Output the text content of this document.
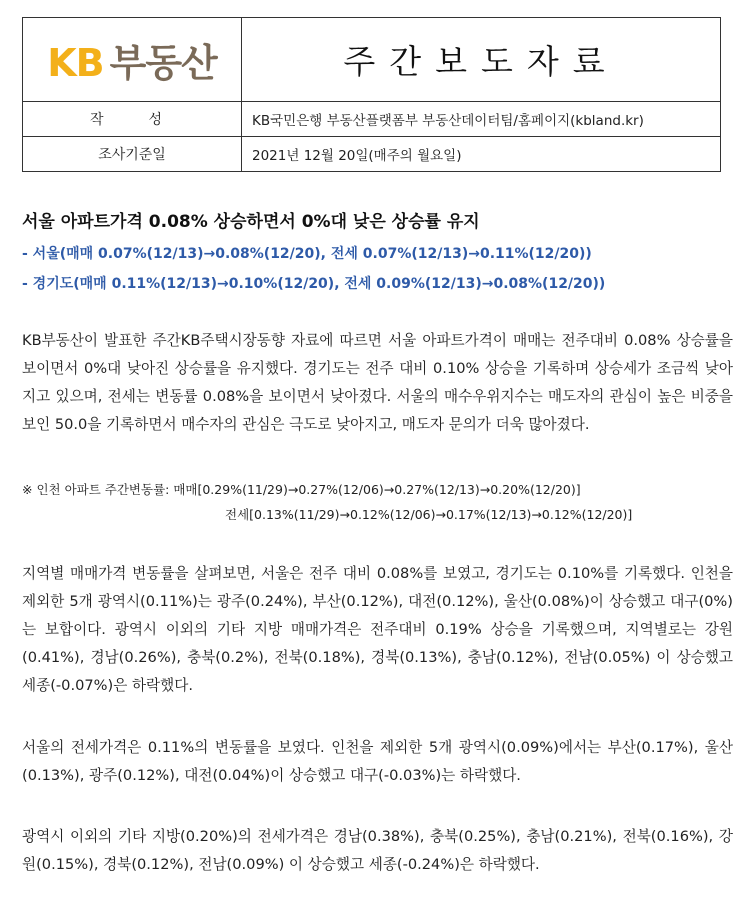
KB 부동산	주간보도자료
작  성	KB국민은행 부동산플랫폼부 부동산데이터팀/홈페이지(kbland.kr)
조사기준일	2021년 12월 20일(매주의 월요일)
서울 아파트가격 0.08% 상승하면서 0%대 낮은 상승률 유지
- 서울(매매 0.07%(12/13)→0.08%(12/20), 전세 0.07%(12/13)→0.11%(12/20))
- 경기도(매매 0.11%(12/13)→0.10%(12/20), 전세 0.09%(12/13)→0.08%(12/20))

KB부동산이 발표한 주간KB주택시장동향 자료에 따르면 서울 아파트가격이 매매는 전주대비 0.08% 상승률을 보이면서 0%대 낮아진 상승률을 유지했다. 경기도는 전주 대비 0.10% 상승을 기록하며 상승세가 조금씩 낮아지고 있으며, 전세는 변동률 0.08%을 보이면서 낮아졌다. 서울의 매수우위지수는 매도자의 관심이 높은 비중을 보인 50.0을 기록하면서 매수자의 관심은 극도로 낮아지고, 매도자 문의가 더욱 많아졌다.

※ 인천 아파트 주간변동률: 매매[0.29%(11/29)→0.27%(12/06)→0.27%(12/13)→0.20%(12/20)]
전세[0.13%(11/29)→0.12%(12/06)→0.17%(12/13)→0.12%(12/20)]

지역별 매매가격 변동률을 살펴보면, 서울은 전주 대비 0.08%를 보였고, 경기도는 0.10%를 기록했다. 인천을 제외한 5개 광역시(0.11%)는 광주(0.24%), 부산(0.12%), 대전(0.12%), 울산(0.08%)이 상승했고 대구(0%)는 보합이다. 광역시 이외의 기타 지방 매매가격은 전주대비 0.19% 상승을 기록했으며, 지역별로는 강원(0.41%), 경남(0.26%), 충북(0.2%), 전북(0.18%), 경북(0.13%), 충남(0.12%), 전남(0.05%) 이 상승했고 세종(-0.07%)은 하락했다.

서울의 전세가격은 0.11%의 변동률을 보였다. 인천을 제외한 5개 광역시(0.09%)에서는 부산(0.17%), 울산(0.13%), 광주(0.12%), 대전(0.04%)이 상승했고 대구(-0.03%)는 하락했다.

광역시 이외의 기타 지방(0.20%)의 전세가격은 경남(0.38%), 충북(0.25%), 충남(0.21%), 전북(0.16%), 강원(0.15%), 경북(0.12%), 전남(0.09%) 이 상승했고 세종(-0.24%)은 하락했다.
